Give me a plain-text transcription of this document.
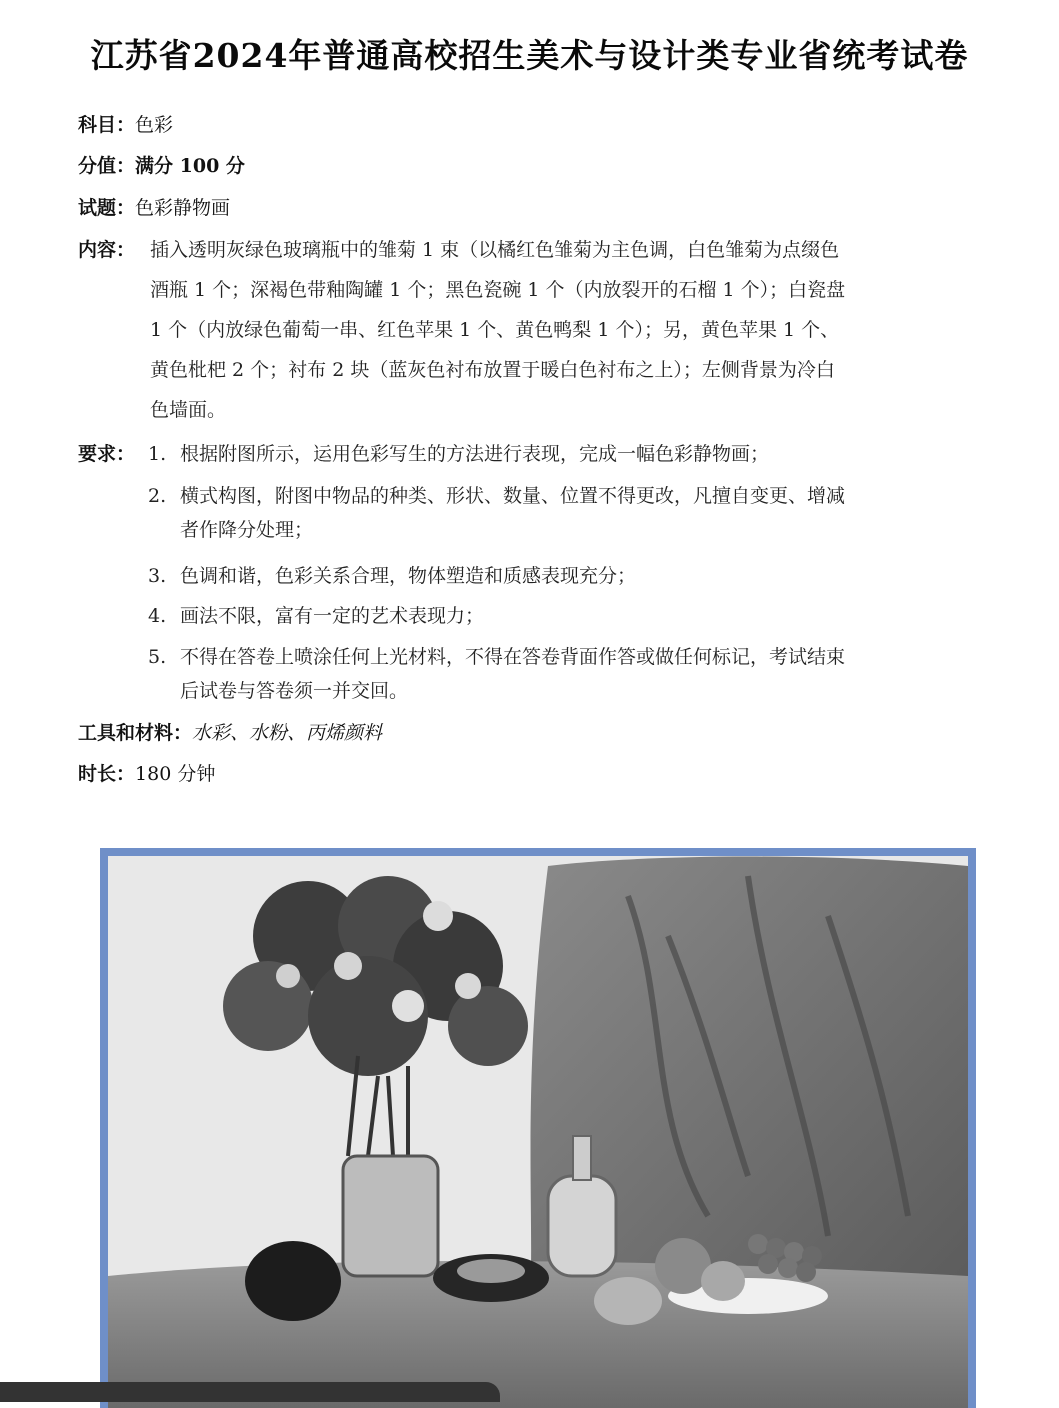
江苏省2024年普通高校招生美术与设计类专业省统考试卷
科目：色彩
分值：满分 100 分
试题：色彩静物画
内容： 插入透明灰绿色玻璃瓶中的雏菊 1 束（以橘红色雏菊为主色调，白色雏菊为点缀色
酒瓶 1 个；深褐色带釉陶罐 1 个；黑色瓷碗 1 个（内放裂开的石榴 1 个）；白瓷盘
1 个（内放绿色葡萄一串、红色苹果 1 个、黄色鸭梨 1 个）；另，黄色苹果 1 个、
黄色枇杷 2 个；衬布 2 块（蓝灰色衬布放置于暖白色衬布之上）；左侧背景为冷白
色墙面。
要求： 1. 根据附图所示，运用色彩写生的方法进行表现，完成一幅色彩静物画；
2. 横式构图，附图中物品的种类、形状、数量、位置不得更改，凡擅自变更、增减
者作降分处理；
3. 色调和谐，色彩关系合理，物体塑造和质感表现充分；
4. 画法不限，富有一定的艺术表现力；
5. 不得在答卷上喷涂任何上光材料，不得在答卷背面作答或做任何标记，考试结束
后试卷与答卷须一并交回。
工具和材料：水彩、水粉、丙烯颜料
时长：180 分钟
